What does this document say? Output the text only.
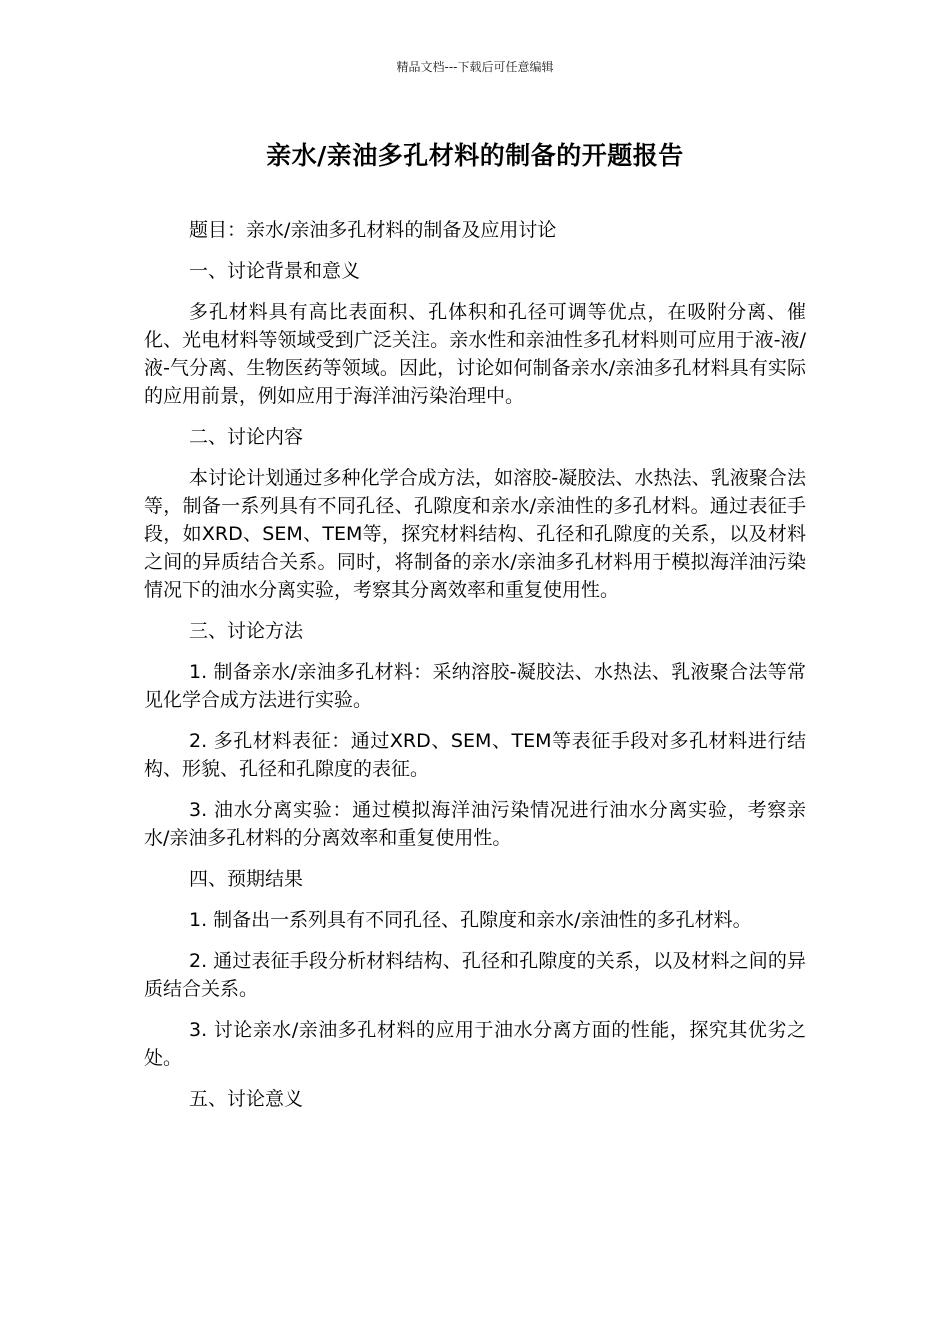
精品文档---下载后可任意编辑
亲水/亲油多孔材料的制备的开题报告

题目：亲水/亲油多孔材料的制备及应用讨论

一、讨论背景和意义

多孔材料具有高比表面积、孔体积和孔径可调等优点，在吸附分离、催化、光电材料等领域受到广泛关注。亲水性和亲油性多孔材料则可应用于液-液/液-气分离、生物医药等领域。因此，讨论如何制备亲水/亲油多孔材料具有实际的应用前景，例如应用于海洋油污染治理中。

二、讨论内容

本讨论计划通过多种化学合成方法，如溶胶-凝胶法、水热法、乳液聚合法等，制备一系列具有不同孔径、孔隙度和亲水/亲油性的多孔材料。通过表征手段，如XRD、SEM、TEM等，探究材料结构、孔径和孔隙度的关系，以及材料之间的异质结合关系。同时，将制备的亲水/亲油多孔材料用于模拟海洋油污染情况下的油水分离实验，考察其分离效率和重复使用性。

三、讨论方法

1. 制备亲水/亲油多孔材料：采纳溶胶-凝胶法、水热法、乳液聚合法等常见化学合成方法进行实验。

2. 多孔材料表征：通过XRD、SEM、TEM等表征手段对多孔材料进行结构、形貌、孔径和孔隙度的表征。

3. 油水分离实验：通过模拟海洋油污染情况进行油水分离实验，考察亲水/亲油多孔材料的分离效率和重复使用性。

四、预期结果

1. 制备出一系列具有不同孔径、孔隙度和亲水/亲油性的多孔材料。

2. 通过表征手段分析材料结构、孔径和孔隙度的关系，以及材料之间的异质结合关系。

3. 讨论亲水/亲油多孔材料的应用于油水分离方面的性能，探究其优劣之处。

五、讨论意义
